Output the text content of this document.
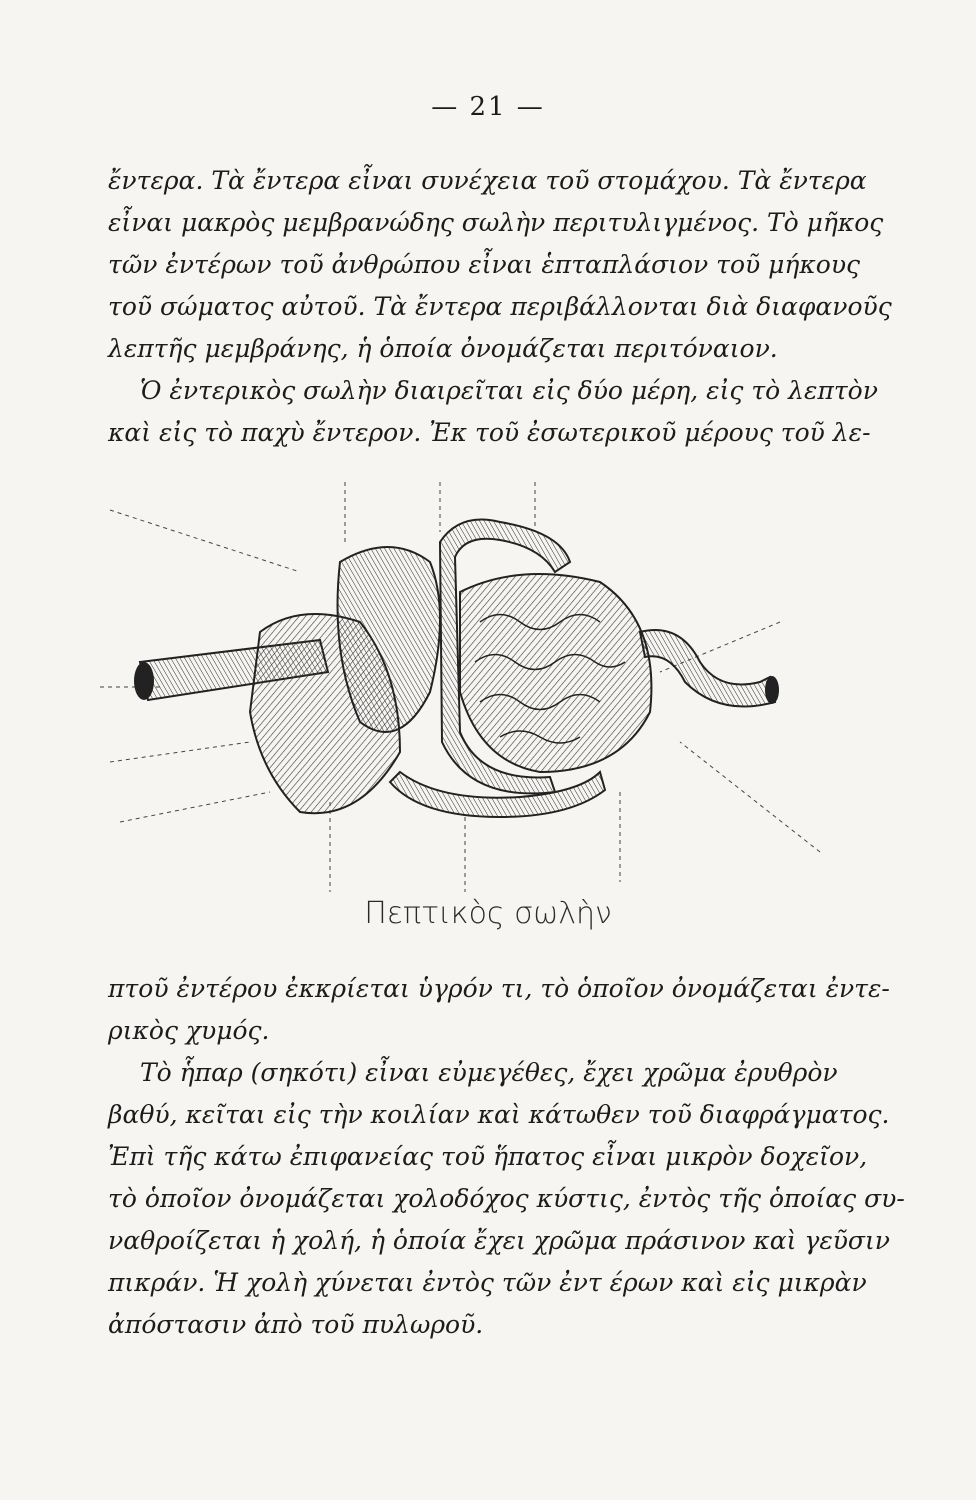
— 21 —
ἔντερα. Τὰ ἔντερα εἶναι συνέχεια τοῦ στομάχου. Τὰ ἔντερα
εἶναι μακρὸς μεμβρανώδης σωλὴν περιτυλιγμένος. Τὸ μῆκος
τῶν ἐντέρων τοῦ ἀνθρώπου εἶναι ἑπταπλάσιον τοῦ μήκους
τοῦ σώματος αὐτοῦ. Τὰ ἔντερα περιβάλλονται διὰ διαφανοῦς
λεπτῆς μεμβράνης, ἡ ὁποία ὀνομάζεται περιτόναιον.
Ὁ ἐντερικὸς σωλὴν διαιρεῖται εἰς δύο μέρη, εἰς τὸ λεπτὸν
καὶ εἰς τὸ παχὺ ἔντερον. Ἐκ τοῦ ἐσωτερικοῦ μέρους τοῦ λε-
Πεπτικὸς σωλὴν
πτοῦ ἐντέρου ἐκκρίεται ὑγρόν τι, τὸ ὁποῖον ὀνομάζεται ἐντε-
ρικὸς χυμός.
Τὸ ἧπαρ (σηκότι) εἶναι εὐμεγέθες, ἔχει χρῶμα ἐρυθρὸν
βαθύ, κεῖται εἰς τὴν κοιλίαν καὶ κάτωθεν τοῦ διαφράγματος.
Ἐπὶ τῆς κάτω ἐπιφανείας τοῦ ἥπατος εἶναι μικρὸν δοχεῖον,
τὸ ὁποῖον ὀνομάζεται χολοδόχος κύστις, ἐντὸς τῆς ὁποίας συ-
ναθροίζεται ἡ χολή, ἡ ὁποία ἔχει χρῶμα πράσινον καὶ γεῦσιν
πικράν. Ἡ χολὴ χύνεται ἐντὸς τῶν ἐντ έρων καὶ εἰς μικρὰν
ἀπόστασιν ἀπὸ τοῦ πυλωροῦ.
